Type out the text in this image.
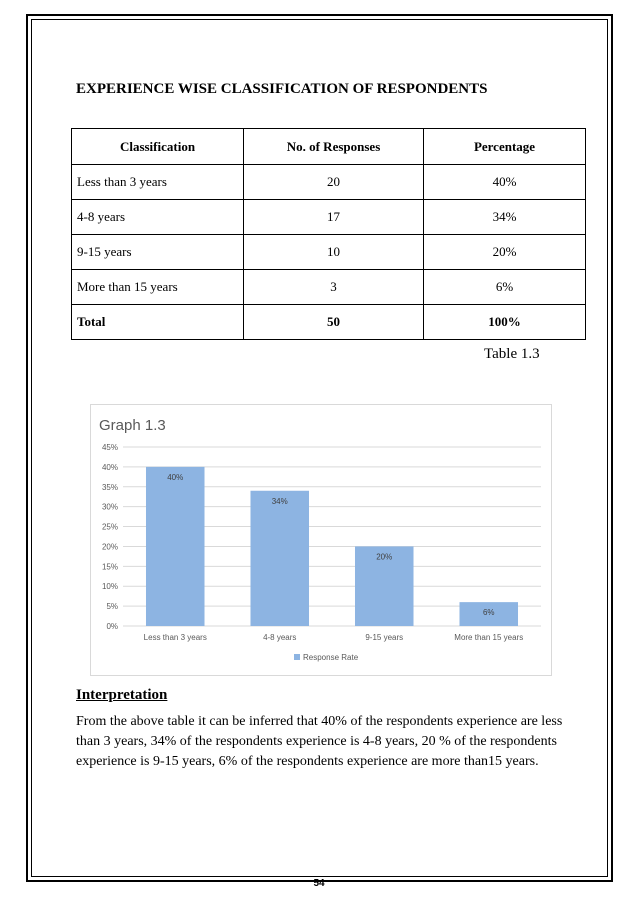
EXPERIENCE WISE CLASSIFICATION OF RESPONDENTS
Classification	No. of Responses	Percentage
Less than 3 years	20	40%
4-8 years	17	34%
9-15 years	10	20%
More than 15 years	3	6%
Total	50	100%
Table 1.3
Graph 1.3
0%
5%
10%
15%
20%
25%
30%
35%
40%
45%
40%
Less than 3 years
34%
4-8 years
20%
9-15 years
6%
More than 15 years
Response Rate
Interpretation
From the above table it can be inferred that 40% of the respondents experience are less than 3 years, 34% of the respondents experience is 4-8 years, 20 % of the respondents experience is 9-15 years, 6% of the respondents experience are more than15 years.
54
